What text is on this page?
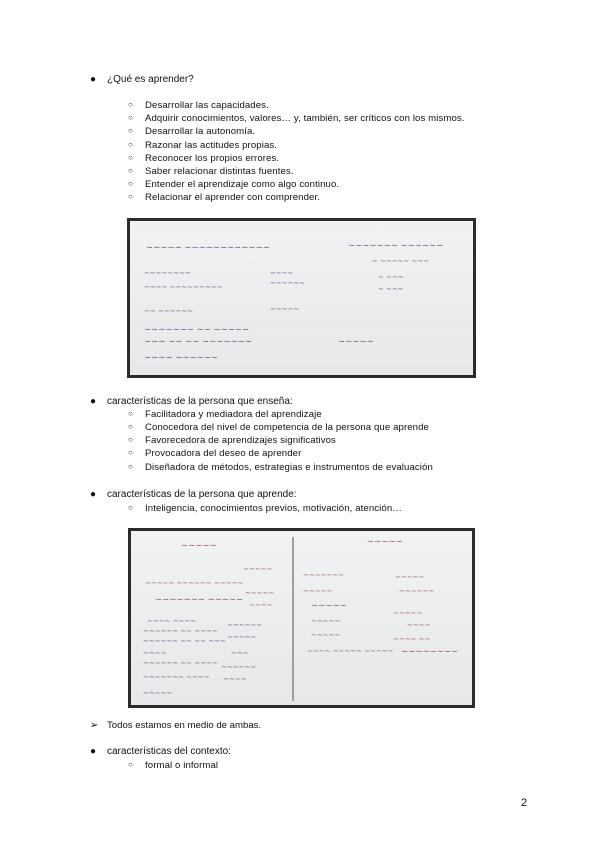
● ¿Qué es aprender?
○ Desarrollar las capacidades.
○ Adquirir conocimientos, valores… y, también, ser críticos con los mismos.
○ Desarrollar la autonomía.
○ Razonar las actitudes propias.
○ Reconocer los propios errores.
○ Saber relacionar distintas fuentes.
○ Entender el aprendizaje como algo continuo.
○ Relacionar el aprender con comprender.
∼∼∼∼∼ ∼∼∼∼∼∼∼∼∼∼∼∼
∼∼∼∼∼∼∼∼
∼∼∼∼ ∼∼∼∼∼∼∼∼∼
∼∼ ∼∼∼∼∼∼
∼∼∼∼∼∼∼ ∼∼ ∼∼∼∼∼
∼∼∼ ∼∼ ∼∼ ∼∼∼∼∼∼∼
∼∼∼∼ ∼∼∼∼∼∼
∼∼∼∼
∼∼∼∼∼∼
∼∼∼∼∼
∼∼∼∼∼∼∼ ∼∼∼∼∼∼
∼ ∼∼∼∼∼ ∼∼∼
∼ ∼∼∼
∼ ∼∼∼
∼∼∼∼∼
● características de la persona que enseña:
○ Facilitadora y mediadora del aprendizaje
○ Conocedora del nivel de competencia de la persona que aprende
○ Favorecedora de aprendizajes significativos
○ Provocadora del deseo de aprender
○ Diseñadora de métodos, estrategias e instrumentos de evaluación
● características de la persona que aprende:
○ Inteligencia, conocimientos previos, motivación, atención…
∼∼∼∼∼	∼∼∼∼∼
∼∼∼∼∼
∼∼∼∼∼ ∼∼∼∼∼∼ ∼∼∼∼∼
∼∼∼∼∼∼∼ ∼∼∼∼∼
∼∼∼∼∼
∼∼∼∼
∼∼∼∼ ∼∼∼∼
∼∼∼∼∼∼ ∼∼ ∼∼∼∼
∼∼∼∼∼∼ ∼∼ ∼∼ ∼∼∼
∼∼∼∼
∼∼∼∼∼∼ ∼∼ ∼∼∼∼
∼∼∼∼∼∼∼ ∼∼∼∼
∼∼∼∼∼
∼∼∼∼∼∼
∼∼∼∼∼
∼∼∼
∼∼∼∼∼∼
∼∼∼∼
∼∼∼∼∼∼∼
∼∼∼∼∼
∼∼∼∼∼
∼∼∼∼∼
∼∼∼∼∼
∼∼∼∼ ∼∼∼∼∼ ∼∼∼∼∼
∼∼∼∼∼
∼∼∼∼∼∼
∼∼∼∼∼
∼∼∼∼
∼∼∼∼ ∼∼
∼∼∼∼∼∼∼∼
➢ Todos estamos en medio de ambas.
● características del contexto:
○ formal o informal
2
